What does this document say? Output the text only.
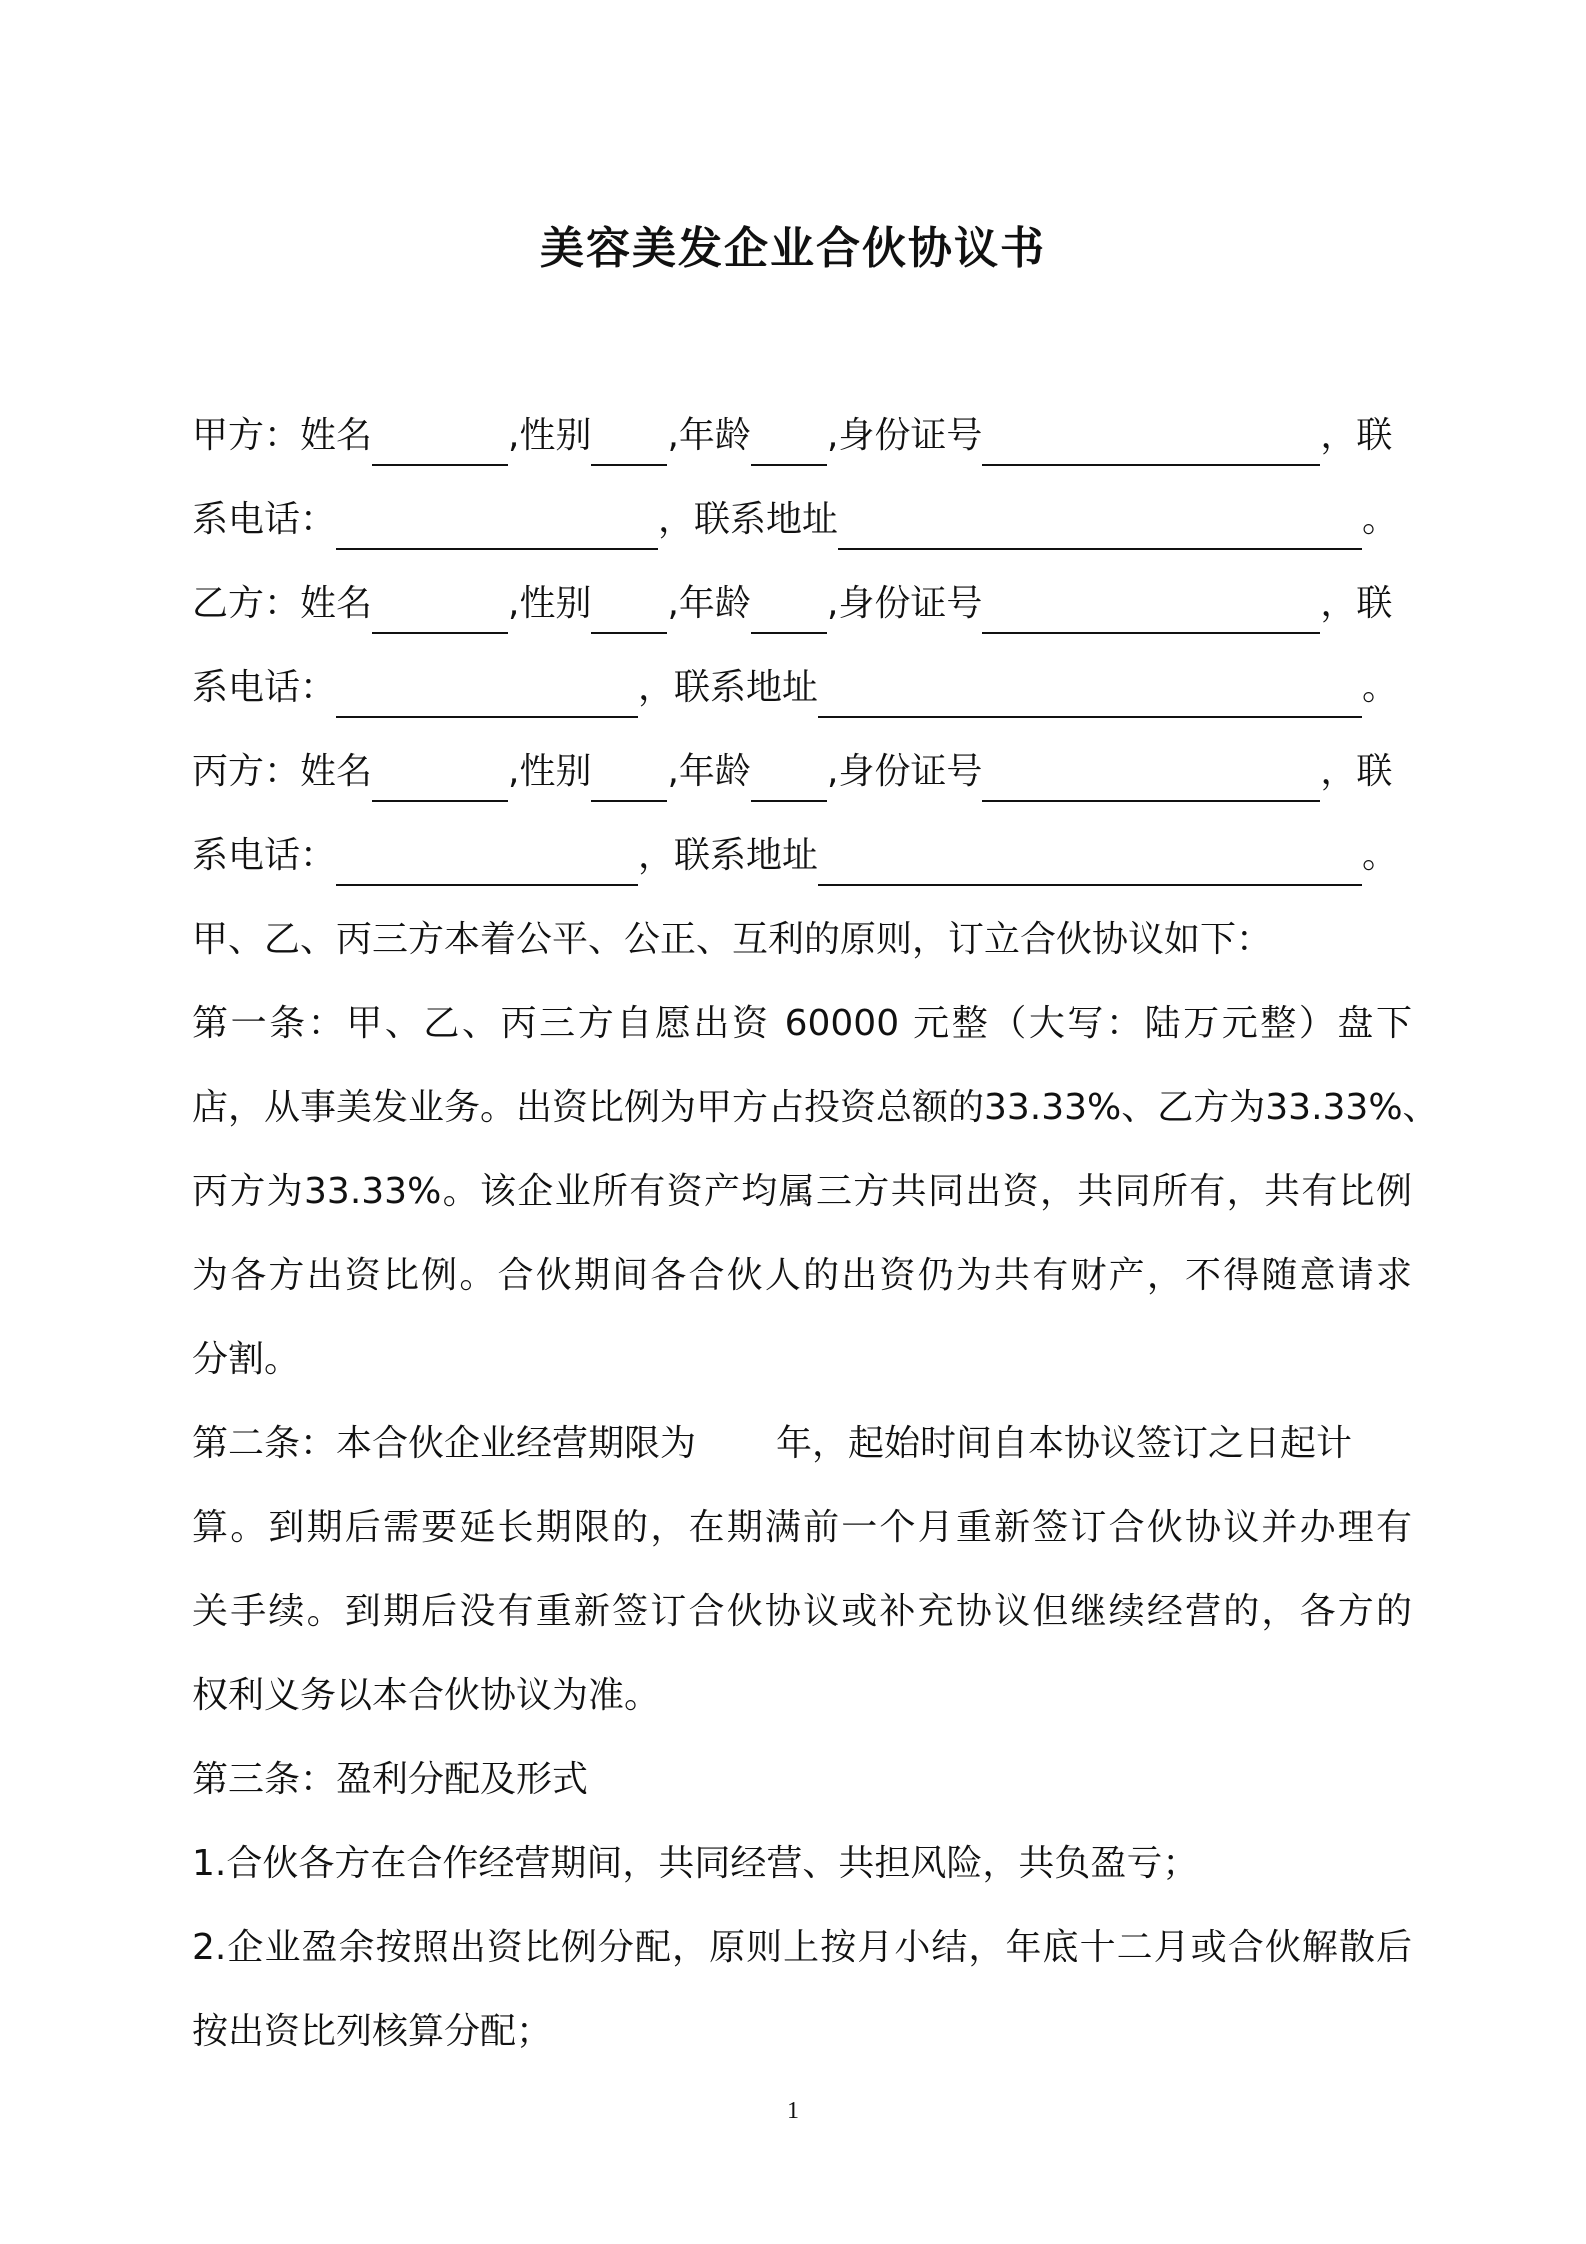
美容美发企业合伙协议书
甲方：姓名	,性别 ,年龄 ,身份证号	，联
系电话：	，联系地址	。
乙方：姓名	,性别 ,年龄 ,身份证号	，联
系电话：	，联系地址	。
丙方：姓名	,性别 ,年龄 ,身份证号	，联
系电话：	，联系地址	。
甲、乙、丙三方本着公平、公正、互利的原则，订立合伙协议如下：
第一条：甲、乙、丙三方自愿出资 60000 元整（大写：陆万元整）盘下
店，从事美发业务。出资比例为甲方占投资总额的33.33%、乙方为33.33%、
丙方为33.33%。该企业所有资产均属三方共同出资，共同所有，共有比例
为各方出资比例。合伙期间各合伙人的出资仍为共有财产，不得随意请求
分割。
第二条：本合伙企业经营期限为 年，起始时间自本协议签订之日起计
算。到期后需要延长期限的，在期满前一个月重新签订合伙协议并办理有
关手续。到期后没有重新签订合伙协议或补充协议但继续经营的，各方的
权利义务以本合伙协议为准。
第三条：盈利分配及形式
1.合伙各方在合作经营期间，共同经营、共担风险，共负盈亏；
2.企业盈余按照出资比例分配，原则上按月小结，年底十二月或合伙解散后
按出资比列核算分配；
1
